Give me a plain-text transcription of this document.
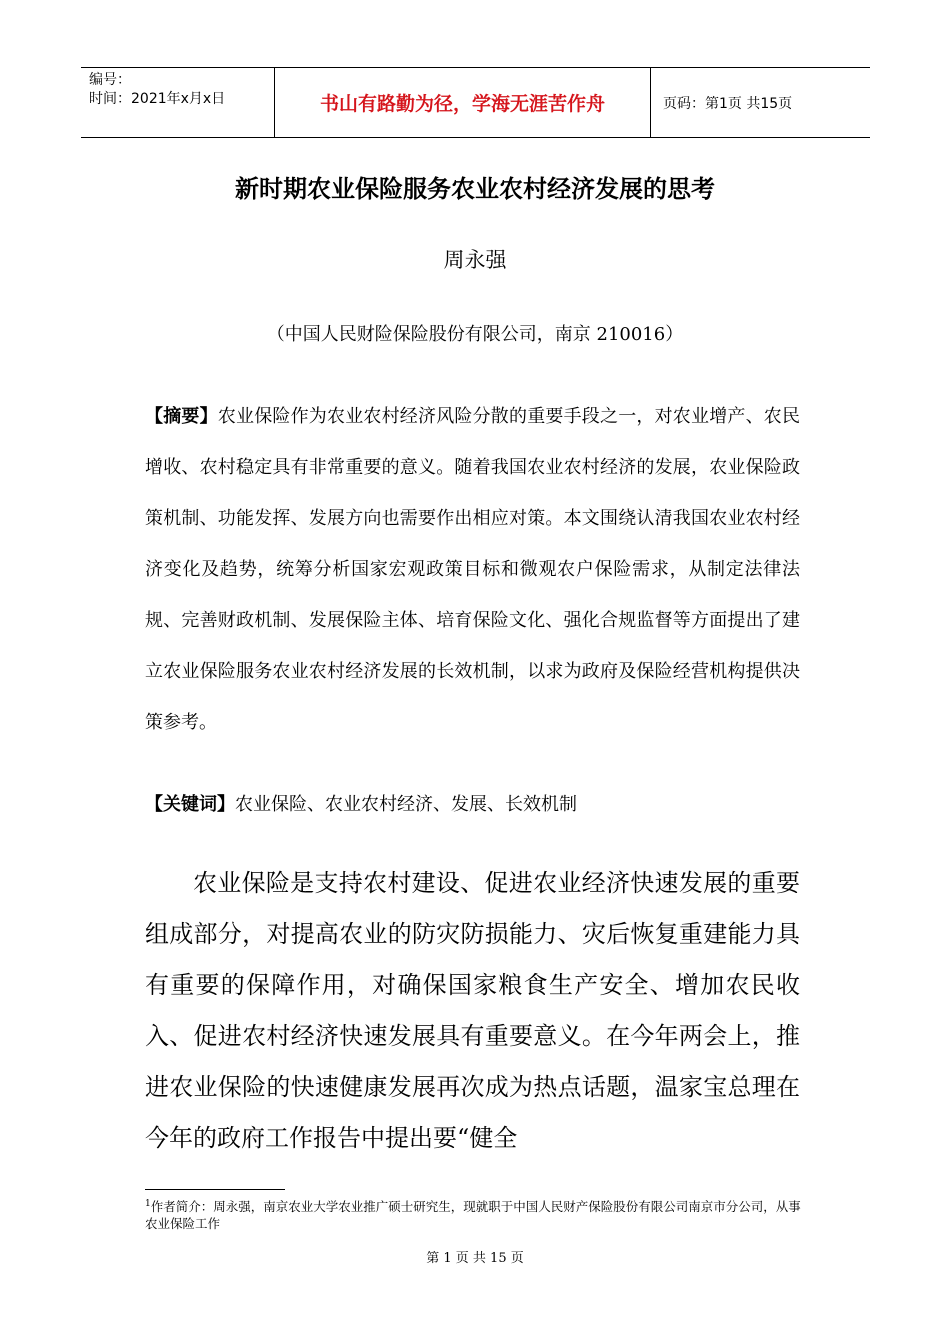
编号：
时间：2021年x月x日	书山有路勤为径，学海无涯苦作舟	页码：第1页 共15页
新时期农业保险服务农业农村经济发展的思考
周永强
（中国人民财险保险股份有限公司，南京 210016）

【摘要】农业保险作为农业农村经济风险分散的重要手段之一，对农业增产、农民增收、农村稳定具有非常重要的意义。随着我国农业农村经济的发展，农业保险政策机制、功能发挥、发展方向也需要作出相应对策。本文围绕认清我国农业农村经济变化及趋势，统筹分析国家宏观政策目标和微观农户保险需求，从制定法律法规、完善财政机制、发展保险主体、培育保险文化、强化合规监督等方面提出了建立农业保险服务农业农村经济发展的长效机制，以求为政府及保险经营机构提供决策参考。

【关键词】农业保险、农业农村经济、发展、长效机制

农业保险是支持农村建设、促进农业经济快速发展的重要组成部分，对提高农业的防灾防损能力、灾后恢复重建能力具有重要的保障作用，对确保国家粮食生产安全、增加农民收入、促进农村经济快速发展具有重要意义。在今年两会上，推进农业保险的快速健康发展再次成为热点话题，温家宝总理在今年的政府工作报告中提出要“健全

$^1$作者简介：周永强，南京农业大学农业推广硕士研究生，现就职于中国人民财产保险股份有限公司南京市分公司，从事农业保险工作
第 1 页 共 15 页
